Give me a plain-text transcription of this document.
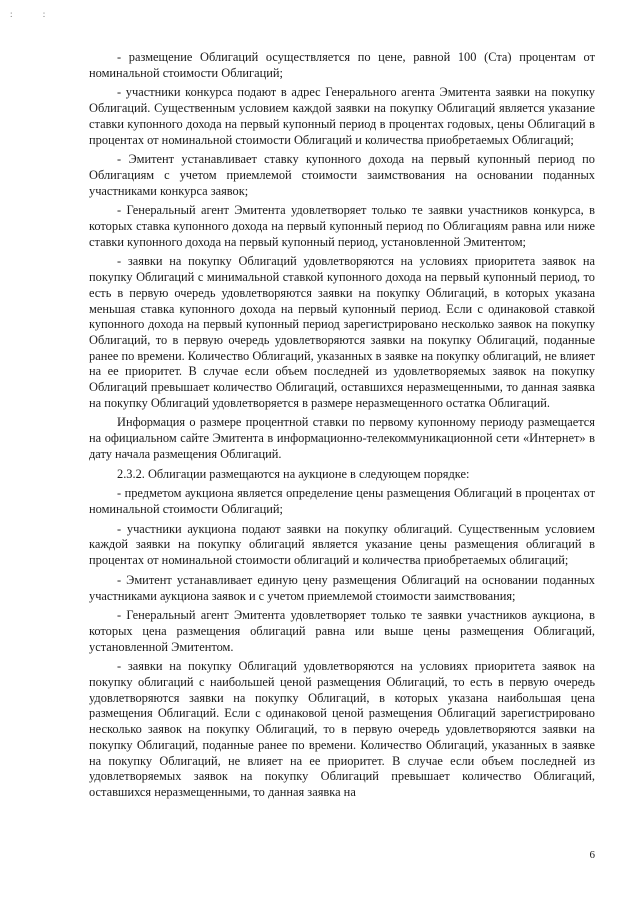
: :

- размещение Облигаций осуществляется по цене, равной 100 (Ста) процентам от номинальной стоимости Облигаций;

- участники конкурса подают в адрес Генерального агента Эмитента заявки на покупку Облигаций. Существенным условием каждой заявки на покупку Облигаций является указание ставки купонного дохода на первый купонный период в процентах годовых, цены Облигаций в процентах от номинальной стоимости Облигаций и количества приобретаемых Облигаций;

- Эмитент устанавливает ставку купонного дохода на первый купонный период по Облигациям с учетом приемлемой стоимости заимствования на основании поданных участниками конкурса заявок;

- Генеральный агент Эмитента удовлетворяет только те заявки участников конкурса, в которых ставка купонного дохода на первый купонный период по Облигациям равна или ниже ставки купонного дохода на первый купонный период, установленной Эмитентом;

- заявки на покупку Облигаций удовлетворяются на условиях приоритета заявок на покупку Облигаций с минимальной ставкой купонного дохода на первый купонный период, то есть в первую очередь удовлетворяются заявки на покупку Облигаций, в которых указана меньшая ставка купонного дохода на первый купонный период. Если с одинаковой ставкой купонного дохода на первый купонный период зарегистрировано несколько заявок на покупку Облигаций, то в первую очередь удовлетворяются заявки на покупку Облигаций, поданные ранее по времени. Количество Облигаций, указанных в заявке на покупку облигаций, не влияет на ее приоритет. В случае если объем последней из удовлетворяемых заявок на покупку Облигаций превышает количество Облигаций, оставшихся неразмещенными, то данная заявка на покупку Облигаций удовлетворяется в размере неразмещенного остатка Облигаций.

Информация о размере процентной ставки по первому купонному периоду размещается на официальном сайте Эмитента в информационно-телекоммуникационной сети «Интернет» в дату начала размещения Облигаций.

2.3.2. Облигации размещаются на аукционе в следующем порядке:

- предметом аукциона является определение цены размещения Облигаций в процентах от номинальной стоимости Облигаций;

- участники аукциона подают заявки на покупку облигаций. Существенным условием каждой заявки на покупку облигаций является указание цены размещения облигаций в процентах от номинальной стоимости облигаций и количества приобретаемых облигаций;

- Эмитент устанавливает единую цену размещения Облигаций на основании поданных участниками аукциона заявок и с учетом приемлемой стоимости заимствования;

- Генеральный агент Эмитента удовлетворяет только те заявки участников аукциона, в которых цена размещения облигаций равна или выше цены размещения Облигаций, установленной Эмитентом.

- заявки на покупку Облигаций удовлетворяются на условиях приоритета заявок на покупку облигаций с наибольшей ценой размещения Облигаций, то есть в первую очередь удовлетворяются заявки на покупку Облигаций, в которых указана наибольшая цена размещения Облигаций. Если с одинаковой ценой размещения Облигаций зарегистрировано несколько заявок на покупку Облигаций, то в первую очередь удовлетворяются заявки на покупку Облигаций, поданные ранее по времени. Количество Облигаций, указанных в заявке на покупку Облигаций, не влияет на ее приоритет. В случае если объем последней из удовлетворяемых заявок на покупку Облигаций превышает количество Облигаций, оставшихся неразмещенными, то данная заявка на

6
